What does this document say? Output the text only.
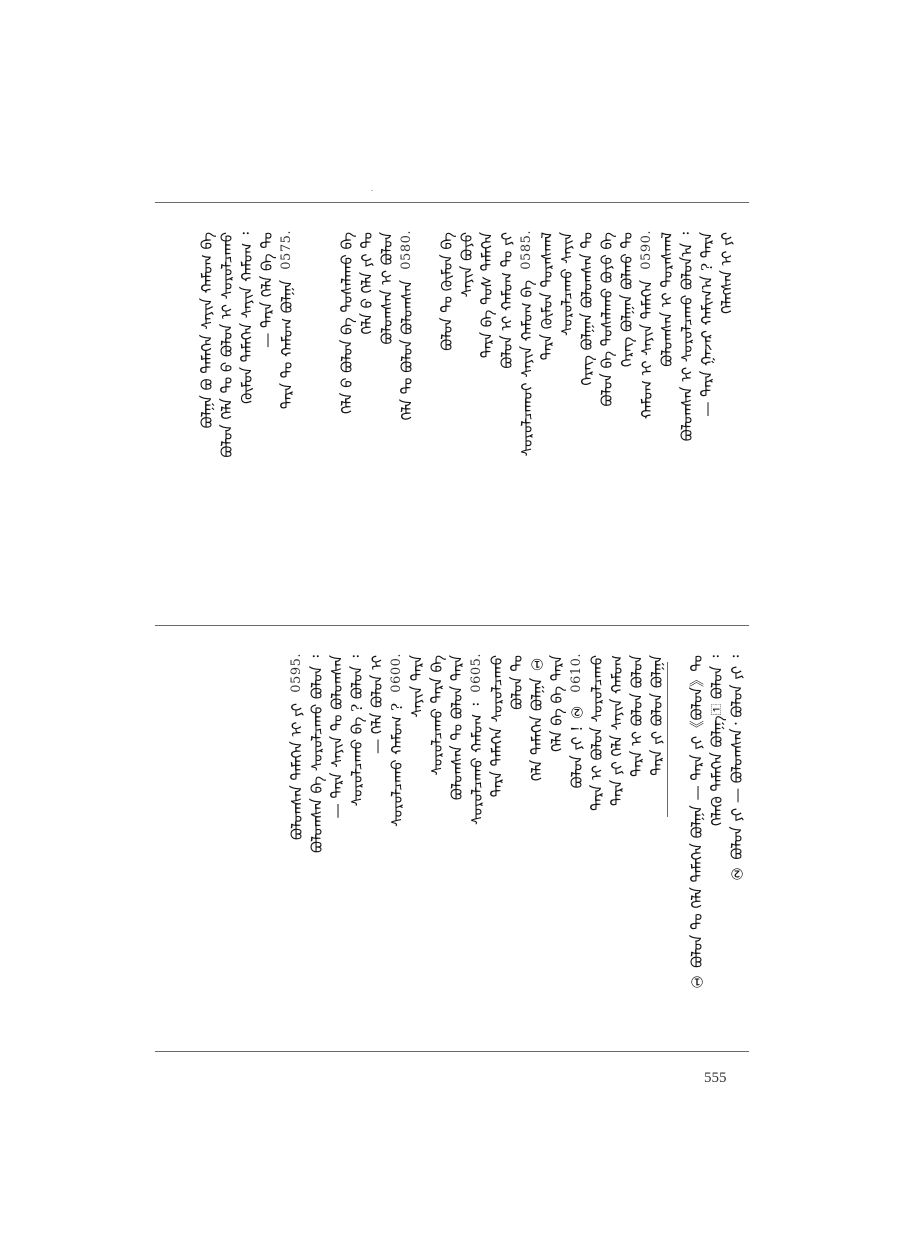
ᠬᠡᠯᠡᠭᠰᠡᠨ ᠢ ᠶᠢ
— ᠲᠡᠷᠡ ᠭᠠᠵᠠᠷ ᠬᠠᠮᠢᠭ᠎ᠠ ? ᠲᠡᠷᠡ
ᠪᠣᠯᠣᠭᠰᠠᠨ ᠢ ᠰᠤᠷᠤᠯᠴᠠᠬᠤ ᠪᠣᠯᠣᠨ᠎ᠠ ᠄
ᠪᠣᠯᠣᠭᠰᠠᠨ ᠢ ᠳᠤᠷᠠᠰᠬᠠᠯ
ᠬᠠᠮᠤᠭ ᠢ ᠰᠠᠶᠢᠨ ᠲᠡᠮᠡᠭᠡᠨ
0590.
ᠬᠡᠷᠡᠭ ᠪᠣᠯᠭᠠᠨ ᠪᠣᠯᠬᠤ ᠲᠤ
ᠪᠣᠯᠣᠨ ᠪᠠ ᠲᠤᠰᠠᠯᠠᠬᠤ ᠪᠤᠶᠤ ᠪᠡ
ᠬᠡᠷᠡᠭ ᠪᠣᠯᠭᠠᠨ ᠪᠣᠯᠣᠭᠰᠠᠨ ᠲᠤ
ᠰᠤᠷᠤᠯᠴᠠᠬᠤ ᠰᠠᠶᠢᠨ
ᠲᠡᠷᠡ ᠬᠦᠮᠦᠨ ᠳᠤᠷᠠᠰᠬᠠᠯ
ᠰᠤᠷᠤᠯᠴᠠᠬᠤᠢ ᠰᠠᠶᠢᠨ ᠬᠠᠮᠤᠭ ᠪᠡ
0585.
ᠪᠣᠯᠣᠨ ᠢ ᠬᠠᠮᠤᠭ ᠲᠤ ᠶᠢ
ᠲᠡᠷᠡ ᠪᠠ ᠲᠤᠰ ᠲᠡᠮᠡᠭᠡᠨ
ᠰᠠᠶᠢᠨ ᠪᠤᠶᠤ
ᠪᠣᠯᠣᠨ ᠲᠤ ᠬᠦᠮᠦᠨ ᠪᠡ
ᠬᠡᠯᠡ ᠲᠤ ᠪᠣᠯᠣᠨ ᠪᠣᠯᠣᠭᠰᠠᠨ
0580.
ᠪᠣᠯᠣᠭᠰᠠᠨ ᠢ ᠪᠣᠯᠣᠨ
ᠬᠡᠯᠡ ᠪ ᠬᠡᠯᠡ ᠶᠢ ᠲᠤ
ᠬᠡᠯᠡ ᠪ ᠪᠣᠯᠣᠨ ᠪᠠ ᠲᠤᠰᠠᠯᠠᠬᠤ ᠪᠠ
ᠲᠡᠷᠡ ᠲᠤ ᠬᠠᠮᠤᠭ ᠪᠣᠯᠭᠠ
0575.
— ᠲᠡᠷᠡ ᠬᠡᠯᠡ ᠪᠠ ᠲᠤ
ᠬᠦᠮᠦᠨ ᠲᠡᠮᠡᠭᠡᠨ ᠰᠠᠶᠢᠨ ᠬᠠᠮᠤᠭ ᠄
ᠪᠣᠯᠣᠨ ᠬᠡᠯᠡ ᠲᠤ ᠪ ᠪᠣᠯᠣᠨ ᠢ ᠰᠤᠷᠤᠯᠴᠠᠬᠤ
ᠪᠣᠯᠭᠠ ᠪᠤ ᠲᠡᠮᠡᠭᠡᠨ ᠰᠠᠶᠢᠨ ᠬᠠᠮᠤᠭ ᠪᠡ
② ᠪᠣᠯᠣᠨ ᠶᠢ — ᠪᠣᠯᠣᠭᠰᠠᠨ᠂ ᠪᠣᠯᠣᠨ ᠶᠢ ᠄
ᠬᠡᠯᠡᠬᠦ ᠲᠡᠮᠡᠭᠡᠨ ᠪᠣᠯᠭᠠ᠋᠋ ᠪᠣᠯᠣᠨ ᠄
① ᠪᠣᠯᠣᠨ ᠲᠤ ᠬᠡᠯᠡ ᠲᠡᠮᠡᠭᠡᠨ ᠪᠣᠯᠭᠠ — ᠲᠡᠷᠡ ᠶᠢ《ᠪᠣᠯᠣᠨ》ᠲᠤ
ᠲᠡᠷᠡ ᠶᠢ ᠪᠣᠯᠣᠨ ᠪᠣᠯᠭᠠ
ᠲᠡᠷᠡ ᠢ ᠪᠣᠯᠣᠨ ᠪᠣᠯᠣᠨ
ᠲᠡᠷᠡ ᠶᠢ ᠬᠡᠯᠡ ᠰᠠᠶᠢᠨ ᠬᠠᠮᠤᠭ
ᠲᠡᠷᠡ ᠢ ᠪᠣᠯᠣᠨ ᠰᠤᠷᠤᠯᠴᠠᠬᠤ
ᠪᠣᠯᠣᠨ ᠶᠢ ! ②
0610.
ᠬᠡᠯᠡ ᠪᠠ ᠪᠡ ᠲᠡᠷᠡ
ᠬᠡᠯᠡ ᠲᠡᠮᠡᠭᠡᠨ ᠪᠣᠯᠭᠠ ①
ᠪᠣᠯᠣᠨ ᠲᠤ
ᠲᠡᠷᠡ ᠲᠡᠮᠡᠭᠡᠨ ᠰᠤᠷᠤᠯᠴᠠᠬᠤ
ᠰᠤᠷᠤᠯᠴᠠᠬᠤ ᠬᠠᠮᠤᠭ ᠄
0605.
ᠪᠣᠯᠣᠭᠰᠠᠨ ᠲᠤ ᠪᠣᠯᠣᠨ ᠲᠡᠷᠡ
ᠰᠤᠷᠤᠯᠴᠠᠬᠤ ᠲᠡᠷᠡ ᠪᠠ
ᠰᠠᠶᠢᠨ ᠲᠡᠷᠡ
ᠰᠤᠷᠤᠯᠴᠠᠬᠤ ᠬᠠᠮᠤᠭ ?
0600.
— ᠬᠡᠯᠡ ᠪᠣᠯᠣᠨ ᠢ
ᠰᠤᠷᠤᠯᠴᠠᠬᠤ ᠪᠠ ? ᠪᠣᠯᠣᠨ ᠄
— ᠲᠡᠷᠡ ᠰᠠᠶᠢᠨ ᠲᠤ ᠪᠣᠯᠣᠭᠰᠠᠨ
ᠪᠣᠯᠣᠭᠰᠠᠨ ᠪᠡ ᠰᠤᠷᠤᠯᠴᠠᠬᠤ ᠪᠣᠯᠣᠨ ᠄
ᠪᠣᠯᠣᠭᠰᠠᠨ ᠲᠡᠮᠡᠭᠡᠨ ᠢ ᠶᠢ
0595.
555
